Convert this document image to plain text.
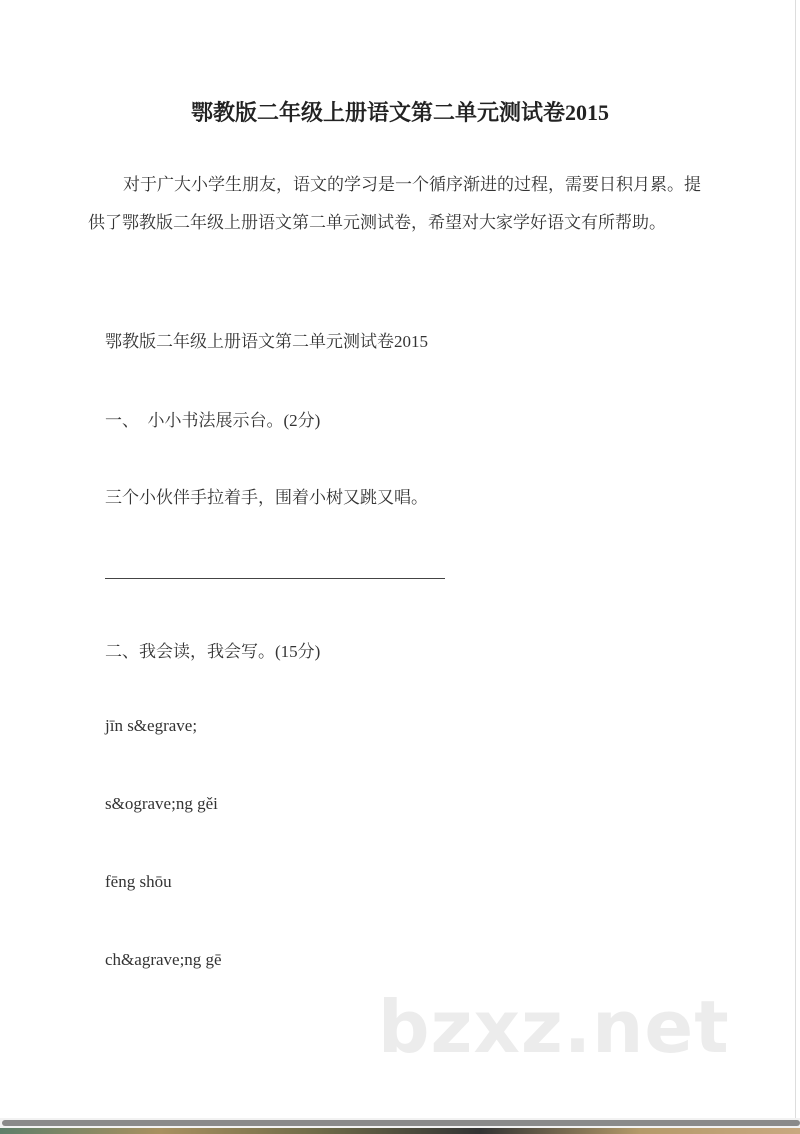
鄂教版二年级上册语文第二单元测试卷2015
对于广大小学生朋友，语文的学习是一个循序渐进的过程，需要日积月累。提供了鄂教版二年级上册语文第二单元测试卷，希望对大家学好语文有所帮助。
鄂教版二年级上册语文第二单元测试卷2015
一、  小小书法展示台。(2分)
三个小伙伴手拉着手，围着小树又跳又唱。
二、我会读，我会写。(15分)
jīn s&egrave;
s&ograve;ng gěi
fēng shōu
ch&agrave;ng gē
bzxz.net
